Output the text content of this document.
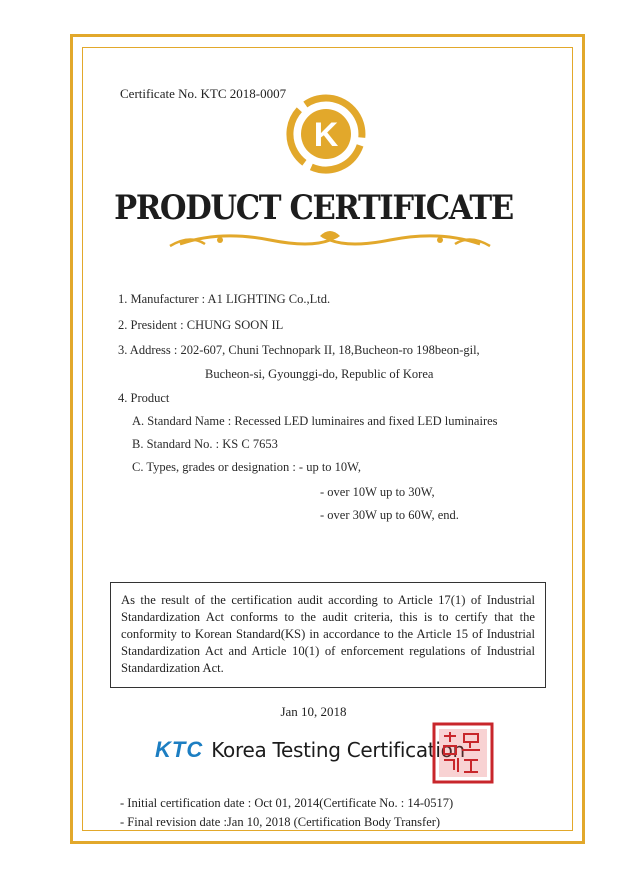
Certificate No. KTC 2018-0007
K
PRODUCT CERTIFICATE
1. Manufacturer : A1 LIGHTING Co.,Ltd.
2. President : CHUNG SOON IL
3. Address : 202-607, Chuni Technopark II, 18,Bucheon-ro 198beon-gil,
Bucheon-si, Gyounggi-do, Republic of Korea
4. Product
A. Standard Name : Recessed LED luminaires and fixed LED luminaires
B. Standard No. : KS C 7653
C. Types, grades or designation : - up to 10W,
- over 10W up to 30W,
- over 30W up to 60W, end.
As the result of the certification audit according to Article 17(1) of Industrial Standardization Act conforms to the audit criteria, this is to certify that the conformity to Korean Standard(KS) in accordance to the Article 15 of Industrial Standardization Act and Article 10(1) of enforcement regulations of Industrial Standardization Act.
Jan 10, 2018
KTC Korea Testing Certification
- Initial certification date : Oct 01, 2014(Certificate No. : 14-0517)
- Final revision date :Jan 10, 2018 (Certification Body Transfer)
